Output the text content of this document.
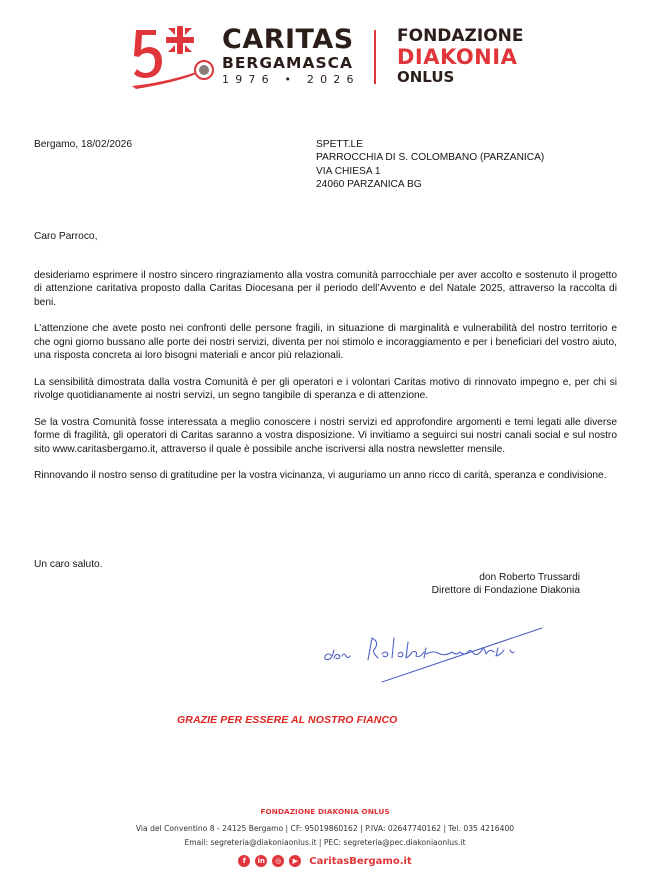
CARITAS
BERGAMASCA
1976 • 2026
FONDAZIONE
DIAKONIA
ONLUS
Bergamo, 18/02/2026	SPETT.LE
PARROCCHIA DI S. COLOMBANO (PARZANICA)
VIA CHIESA 1
24060 PARZANICA BG
Caro Parroco,

desideriamo esprimere il nostro sincero ringraziamento alla vostra comunità parrocchiale per aver accolto e sostenuto il progetto di attenzione caritativa proposto dalla Caritas Diocesana per il periodo dell’Avvento e del Natale 2025, attraverso la raccolta di beni.

L’attenzione che avete posto nei confronti delle persone fragili, in situazione di marginalità e vulnerabilità del nostro territorio e che ogni giorno bussano alle porte dei nostri servizi, diventa per noi stimolo e incoraggiamento e per i beneficiari del vostro aiuto, una risposta concreta ai loro bisogni materiali e ancor più relazionali.

La sensibilità dimostrata dalla vostra Comunità è per gli operatori e i volontari Caritas motivo di rinnovato impegno e, per chi si rivolge quotidianamente ai nostri servizi, un segno tangibile di speranza e di attenzione.

Se la vostra Comunità fosse interessata a meglio conoscere i nostri servizi ed approfondire argomenti e temi legati alle diverse forme di fragilità, gli operatori di Caritas saranno a vostra disposizione. Vi invitiamo a seguirci sui nostri canali social e sul nostro sito www.caritasbergamo.it, attraverso il quale è possibile anche iscriversi alla nostra newsletter mensile.

Rinnovando il nostro senso di gratitudine per la vostra vicinanza, vi auguriamo un anno ricco di carità, speranza e condivisione.

Un caro saluto.
don Roberto Trussardi
Direttore di Fondazione Diakonia
GRAZIE PER ESSERE AL NOSTRO FIANCO
FONDAZIONE DIAKONIA ONLUS
Via del Conventino 8 - 24125 Bergamo | CF: 95019860162 | P.IVA: 02647740162 | Tel. 035 4216400
Email: segreteria@diakoniaonlus.it | PEC: segreteria@pec.diakoniaonlus.it
f	in	◎	▶	CaritasBergamo.it
